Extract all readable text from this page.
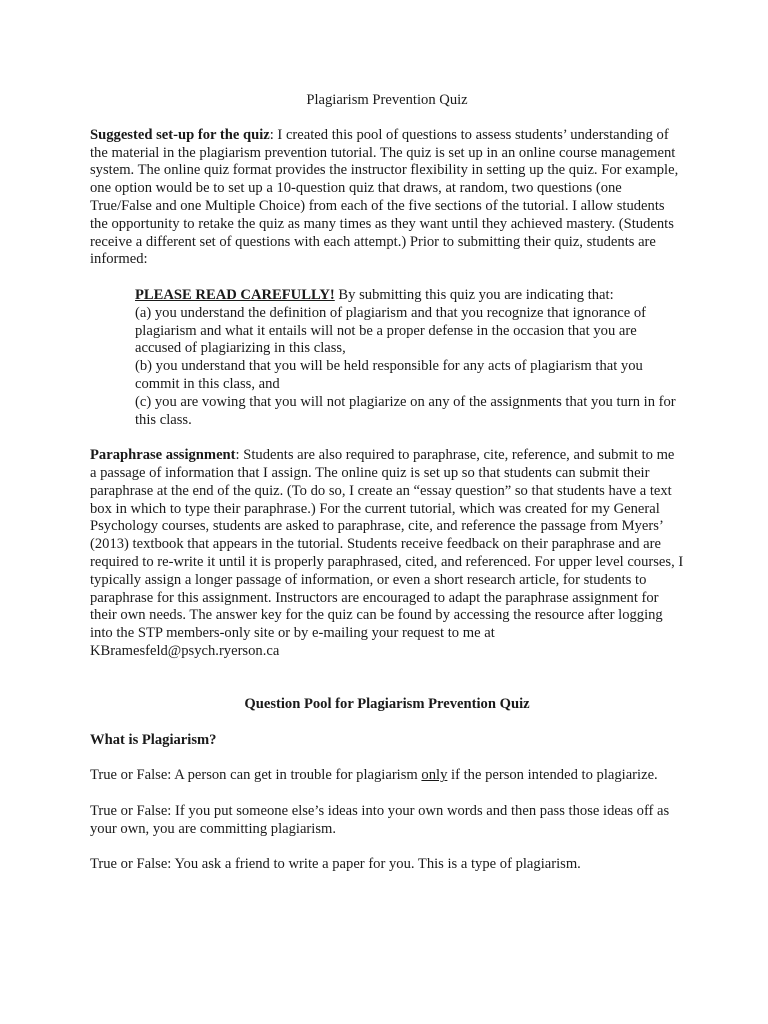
Plagiarism Prevention Quiz

Suggested set-up for the quiz: I created this pool of questions to assess students’ understanding of the material in the plagiarism prevention tutorial. The quiz is set up in an online course management system. The online quiz format provides the instructor flexibility in setting up the quiz. For example, one option would be to set up a 10-question quiz that draws, at random, two questions (one True/False and one Multiple Choice) from each of the five sections of the tutorial. I allow students the opportunity to retake the quiz as many times as they want until they achieved mastery. (Students receive a different set of questions with each attempt.) Prior to submitting their quiz, students are informed:

PLEASE READ CAREFULLY! By submitting this quiz you are indicating that:

(a) you understand the definition of plagiarism and that you recognize that ignorance of plagiarism and what it entails will not be a proper defense in the occasion that you are accused of plagiarizing in this class,

(b) you understand that you will be held responsible for any acts of plagiarism that you commit in this class, and

(c) you are vowing that you will not plagiarize on any of the assignments that you turn in for this class.

Paraphrase assignment: Students are also required to paraphrase, cite, reference, and submit to me a passage of information that I assign. The online quiz is set up so that students can submit their paraphrase at the end of the quiz. (To do so, I create an “essay question” so that students have a text box in which to type their paraphrase.) For the current tutorial, which was created for my General Psychology courses, students are asked to paraphrase, cite, and reference the passage from Myers’ (2013) textbook that appears in the tutorial. Students receive feedback on their paraphrase and are required to re-write it until it is properly paraphrased, cited, and referenced. For upper level courses, I typically assign a longer passage of information, or even a short research article, for students to paraphrase for this assignment. Instructors are encouraged to adapt the paraphrase assignment for their own needs. The answer key for the quiz can be found by accessing the resource after logging into the STP members-only site or by e-mailing your request to me at KBramesfeld@psych.ryerson.ca

Question Pool for Plagiarism Prevention Quiz

What is Plagiarism?

True or False: A person can get in trouble for plagiarism only if the person intended to plagiarize.

True or False: If you put someone else’s ideas into your own words and then pass those ideas off as your own, you are committing plagiarism.

True or False: You ask a friend to write a paper for you. This is a type of plagiarism.
